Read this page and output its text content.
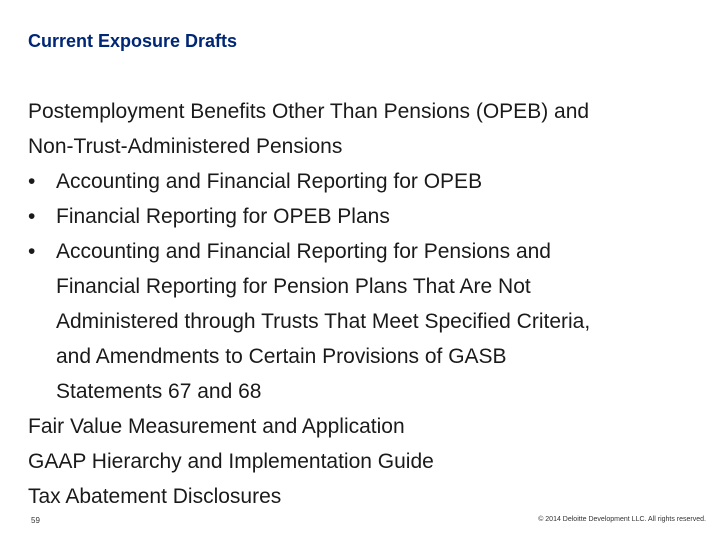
Current Exposure Drafts
Postemployment Benefits Other Than Pensions (OPEB) and
Non-Trust-Administered Pensions
• Accounting and Financial Reporting for OPEB
• Financial Reporting for OPEB Plans
• Accounting and Financial Reporting for Pensions and
Financial Reporting for Pension Plans That Are Not
Administered through Trusts That Meet Specified Criteria,
and Amendments to Certain Provisions of GASB
Statements 67 and 68
Fair Value Measurement and Application
GAAP Hierarchy and Implementation Guide
Tax Abatement Disclosures
59	© 2014 Deloitte Development LLC. All rights reserved.
